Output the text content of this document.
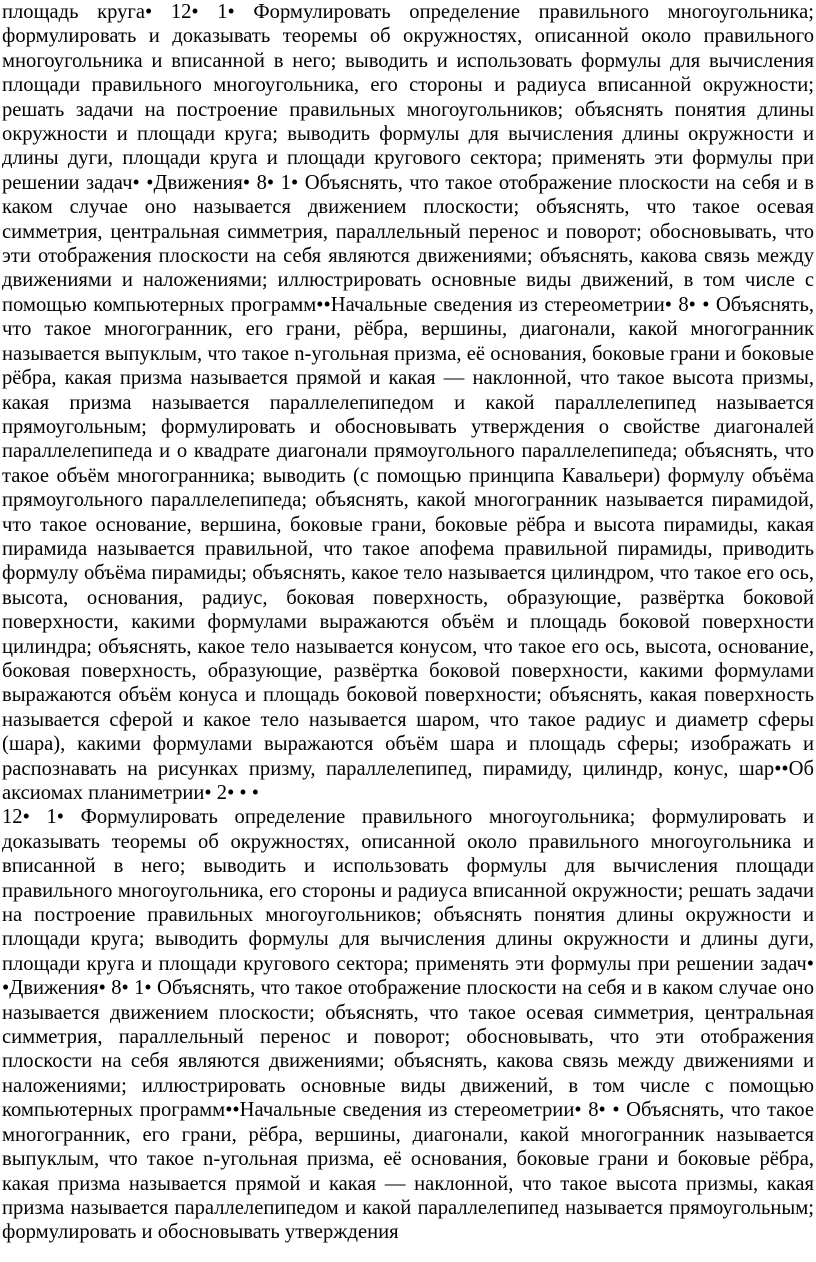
площадь круга• 12• 1• Формулировать определение правильного многоугольника; формулировать и доказывать теоремы об окружностях, описанной около правильного многоугольника и вписанной в него; выводить и использовать формулы для вычисления площади правильного многоугольника, его стороны и радиуса вписанной окружности; решать задачи на построение правильных многоугольников; объяснять понятия длины окружности и площади круга; выводить формулы для вычисления длины окружности и длины дуги, площади круга и площади кругового сектора; применять эти формулы при решении задач• •Движения• 8• 1• Объяснять, что такое отображение плоскости на себя и в каком случае оно называется движением плоскости; объяснять, что такое осевая симметрия, центральная симметрия, параллельный перенос и поворот; обосновывать, что эти отображения плоскости на себя являются движениями; объяснять, какова связь между движениями и наложениями; иллюстрировать основные виды движений, в том числе с помощью компьютерных программ••Начальные сведения из стереометрии• 8• • Объяснять, что такое многогранник, его грани, рёбра, вершины, диагонали, какой многогранник называется выпуклым, что такое n-угольная призма, её основания, боковые грани и боковые рёбра, какая призма называется прямой и какая — наклонной, что такое высота призмы, какая призма называется параллелепипедом и какой параллелепипед называется прямоугольным; формулировать и обосновывать утверждения о свойстве диагоналей параллелепипеда и о квадрате диагонали прямоугольного параллелепипеда; объяснять, что такое объём многогранника; выводить (с помощью принципа Кавальери) формулу объёма прямоугольного параллелепипеда; объяснять, какой многогранник называется пирамидой, что такое основание, вершина, боковые грани, боковые рёбра и высота пирамиды, какая пирамида называется правильной, что такое апофема правильной пирамиды, приводить формулу объёма пирамиды; объяснять, какое тело называется цилиндром, что такое его ось, высота, основания, радиус, боковая поверхность, образующие, развёртка боковой поверхности, какими формулами выражаются объём и площадь боковой поверхности цилиндра; объяснять, какое тело называется конусом, что такое его ось, высота, основание, боковая поверхность, образующие, развёртка боковой поверхности, какими формулами выражаются объём конуса и площадь боковой поверхности; объяснять, какая поверхность называется сферой и какое тело называется шаром, что такое радиус и диаметр сферы (шара), какими формулами выражаются объём шара и площадь сферы; изображать и распознавать на рисунках призму, параллелепипед, пирамиду, цилиндр, конус, шар••Об аксиомах планиметрии• 2• • •

12• 1• Формулировать определение правильного многоугольника; формулировать и доказывать теоремы об окружностях, описанной около правильного многоугольника и вписанной в него; выводить и использовать формулы для вычисления площади правильного многоугольника, его стороны и радиуса вписанной окружности; решать задачи на построение правильных многоугольников; объяснять понятия длины окружности и площади круга; выводить формулы для вычисления длины окружности и длины дуги, площади круга и площади кругового сектора; применять эти формулы при решении задач• •Движения• 8• 1• Объяснять, что такое отображение плоскости на себя и в каком случае оно называется движением плоскости; объяснять, что такое осевая симметрия, центральная симметрия, параллельный перенос и поворот; обосновывать, что эти отображения плоскости на себя являются движениями; объяснять, какова связь между движениями и наложениями; иллюстрировать основные виды движений, в том числе с помощью компьютерных программ••Начальные сведения из стереометрии• 8• • Объяснять, что такое многогранник, его грани, рёбра, вершины, диагонали, какой многогранник называется выпуклым, что такое n-угольная призма, её основания, боковые грани и боковые рёбра, какая призма называется прямой и какая — наклонной, что такое высота призмы, какая призма называется параллелепипедом и какой параллелепипед называется прямоугольным; формулировать и обосновывать утверждения
